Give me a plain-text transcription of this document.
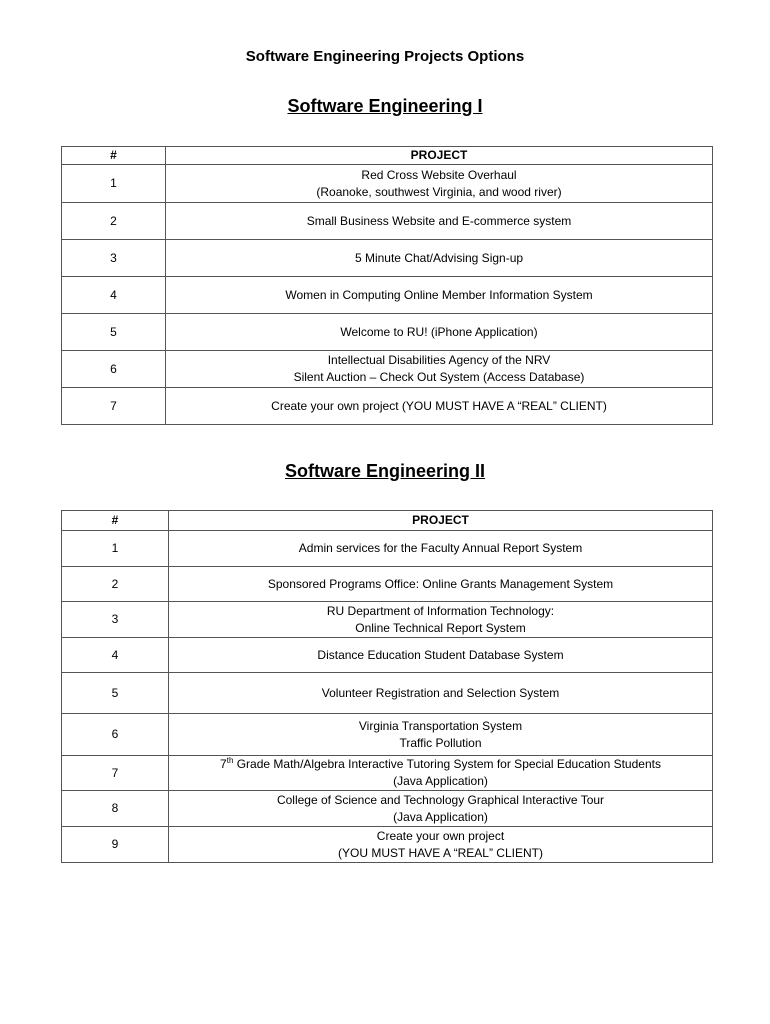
Software Engineering Projects Options
Software Engineering I
#	PROJECT
1	Red Cross Website Overhaul
(Roanoke, southwest Virginia, and wood river)

2	Small Business Website and E-commerce system

3	5 Minute Chat/Advising Sign-up

4	Women in Computing Online Member Information System

5	Welcome to RU! (iPhone Application)

6	Intellectual Disabilities Agency of the NRV
Silent Auction – Check Out System (Access Database)

7	Create your own project (YOU MUST HAVE A “REAL” CLIENT)
Software Engineering II
#	PROJECT
1	Admin services for the Faculty Annual Report System

2	Sponsored Programs Office: Online Grants Management System

3	RU Department of Information Technology:
Online Technical Report System

4	Distance Education Student Database System

5	Volunteer Registration and Selection System

6	Virginia Transportation System
Traffic Pollution

7	7th Grade Math/Algebra Interactive Tutoring System for Special Education Students
(Java Application)

8	College of Science and Technology Graphical Interactive Tour
(Java Application)

9	Create your own project
(YOU MUST HAVE A “REAL” CLIENT)
